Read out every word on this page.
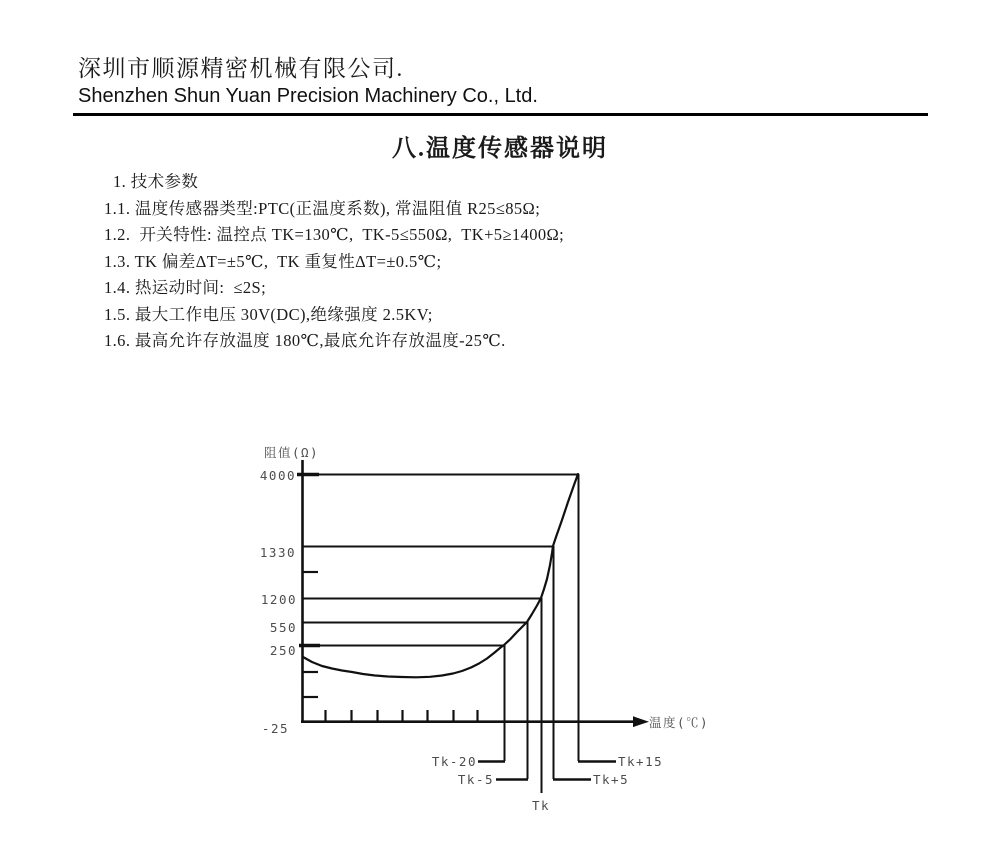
深圳市顺源精密机械有限公司.
Shenzhen Shun Yuan Precision Machinery Co., Ltd.
八.温度传感器说明
1. 技术参数
1.1. 温度传感器类型:PTC(正温度系数), 常温阻值 R25≤85Ω;
1.2.  开关特性: 温控点 TK=130℃,  TK-5≤550Ω,  TK+5≥1400Ω;
1.3. TK 偏差ΔT=±5℃,  TK 重复性ΔT=±0.5℃;
1.4. 热运动时间:  ≤2S;
1.5. 最大工作电压 30V(DC),绝缘强度 2.5KV;
1.6. 最高允许存放温度 180℃,最底允许存放温度-25℃.
阻值(Ω)
温度(℃)
4000
1330
1200
550
250
-25
Tk-20
Tk-5
Tk
Tk+5
Tk+15
